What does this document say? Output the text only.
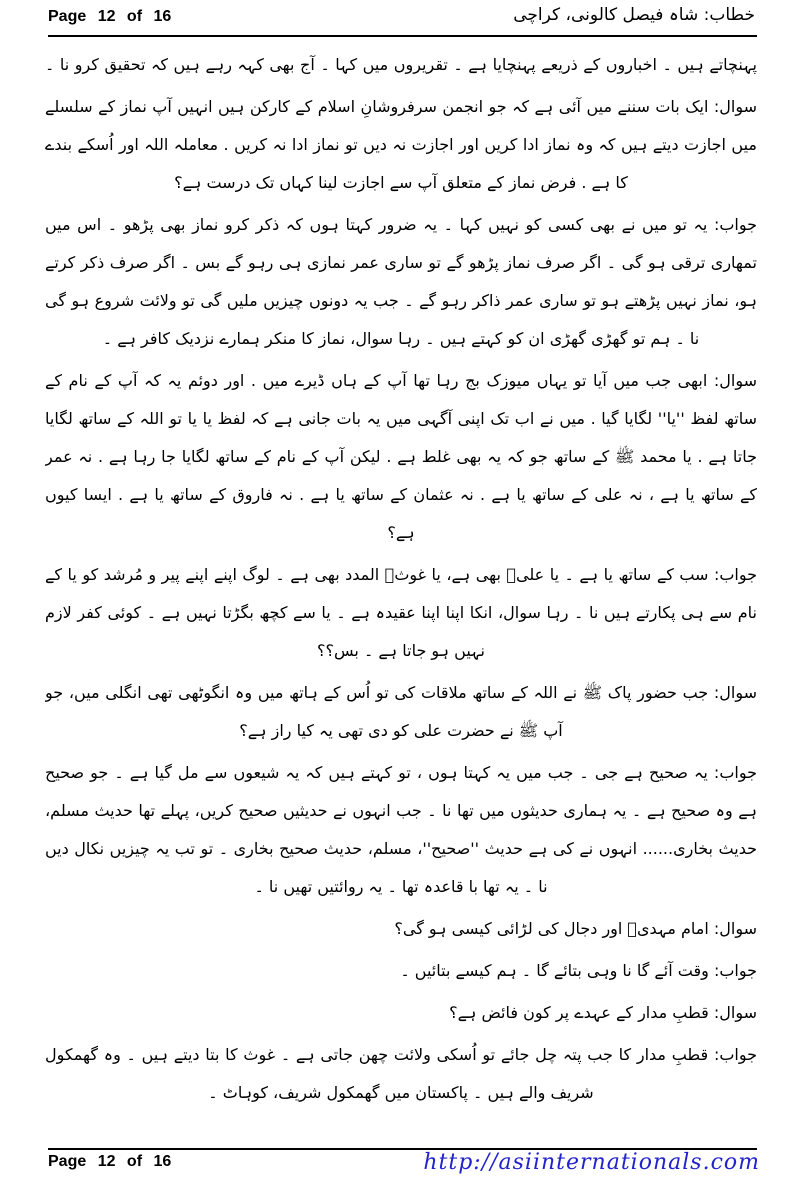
Page 12 of 16	خطاب: شاہ فیصل کالونی، کراچی

پہنچاتے ہیں ۔ اخباروں کے ذریعے پہنچایا ہے ۔ تقریروں میں کہا ۔ آج بھی کہہ رہے ہیں کہ تحقیق کرو نا ۔

سوال: ایک بات سننے میں آئی ہے کہ جو انجمن سرفروشانِ اسلام کے کارکن ہیں انہیں آپ نماز کے سلسلے میں اجازت دیتے ہیں کہ وہ نماز ادا کریں اور اجازت نہ دیں تو نماز ادا نہ کریں . معاملہ اللہ اور اُسکے بندے کا ہے . فرض نماز کے متعلق آپ سے اجازت لینا کہاں تک درست ہے؟

جواب: یہ تو میں نے بھی کسی کو نہیں کہا ۔ یہ ضرور کہتا ہوں کہ ذکر کرو نماز بھی پڑھو ۔ اس میں تمھاری ترقی ہو گی ۔ اگر صرف نماز پڑھو گے تو ساری عمر نمازی ہی رہو گے بس ۔ اگر صرف ذکر کرتے ہو، نماز نہیں پڑھتے ہو تو ساری عمر ذاکر رہو گے ۔ جب یہ دونوں چیزیں ملیں گی تو ولائت شروع ہو گی نا ۔ ہم تو گھڑی گھڑی ان کو کہتے ہیں ۔ رہا سوال، نماز کا منکر ہمارے نزدیک کافر ہے ۔

سوال: ابھی جب میں آیا تو یہاں میوزک بج رہا تھا آپ کے ہاں ڈیرے میں . اور دوئم یہ کہ آپ کے نام کے ساتھ لفظ ''یا'' لگایا گیا . میں نے اب تک اپنی آگہی میں یہ بات جانی ہے کہ لفظ یا یا تو اللہ کے ساتھ لگایا جاتا ہے . یا محمد ﷺ کے ساتھ جو کہ یہ بھی غلط ہے . لیکن آپ کے نام کے ساتھ لگایا جا رہا ہے . نہ عمر کے ساتھ یا ہے ، نہ علی کے ساتھ یا ہے . نہ عثمان کے ساتھ یا ہے . نہ فاروق کے ساتھ یا ہے . ایسا کیوں ہے؟

جواب: سب کے ساتھ یا ہے ۔ یا علیؑ بھی ہے، یا غوثؑ المدد بھی ہے ۔ لوگ اپنے اپنے پیر و مُرشد کو یا کے نام سے ہی پکارتے ہیں نا ۔ رہا سوال، انکا اپنا اپنا عقیدہ ہے ۔ یا سے کچھ بگڑتا نہیں ہے ۔ کوئی کفر لازم نہیں ہو جاتا ہے ۔ بس؟؟

سوال: جب حضور پاک ﷺ نے اللہ کے ساتھ ملاقات کی تو اُس کے ہاتھ میں وہ انگوٹھی تھی انگلی میں، جو آپ ﷺ نے حضرت علی کو دی تھی یہ کیا راز ہے؟

جواب: یہ صحیح ہے جی ۔ جب میں یہ کہتا ہوں ، تو کہتے ہیں کہ یہ شیعوں سے مل گیا ہے ۔ جو صحیح ہے وہ صحیح ہے ۔ یہ ہماری حدیثوں میں تھا نا ۔ جب انہوں نے حدیثیں صحیح کریں، پہلے تھا حدیث مسلم، حدیث بخاری...... انہوں نے کی ہے حدیث ''صحیح''، مسلم، حدیث صحیح بخاری ۔ تو تب یہ چیزیں نکال دیں نا ۔ یہ تھا با قاعدہ تھا ۔ یہ روائتیں تھیں نا ۔

سوال: امام مہدیؑ اور دجال کی لڑائی کیسی ہو گی؟

جواب: وقت آئے گا نا وہی بتائے گا ۔ ہم کیسے بتائیں ۔

سوال: قطبِ مدار کے عہدے پر کون فائض ہے؟

جواب: قطبِ مدار کا جب پتہ چل جائے تو اُسکی ولائت چھن جاتی ہے ۔ غوث کا بتا دیتے ہیں ۔ وہ گھمکول شریف والے ہیں ۔ پاکستان میں گھمکول شریف، کوہاٹ ۔

Page 12 of 16	http://asiinternationals.com
